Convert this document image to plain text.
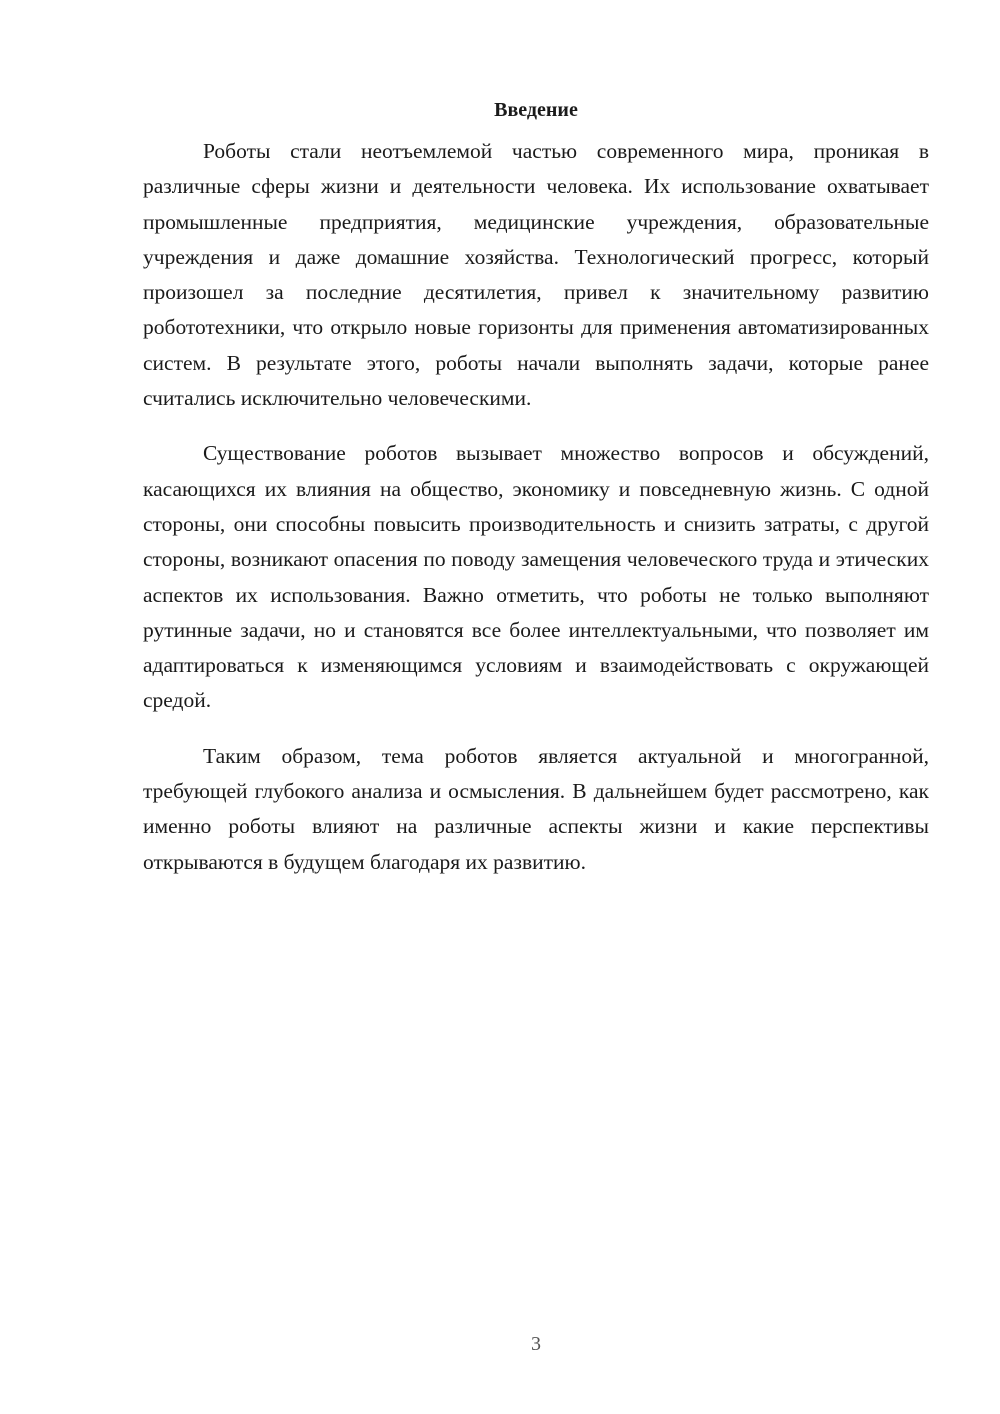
Введение

Роботы стали неотъемлемой частью современного мира, проникая в различные сферы жизни и деятельности человека. Их использование охватывает промышленные предприятия, медицинские учреждения, образовательные учреждения и даже домашние хозяйства. Технологический прогресс, который произошел за последние десятилетия, привел к значительному развитию робототехники, что открыло новые горизонты для применения автоматизированных систем. В результате этого, роботы начали выполнять задачи, которые ранее считались исключительно человеческими.

Существование роботов вызывает множество вопросов и обсуждений, касающихся их влияния на общество, экономику и повседневную жизнь. С одной стороны, они способны повысить производительность и снизить затраты, с другой стороны, возникают опасения по поводу замещения человеческого труда и этических аспектов их использования. Важно отметить, что роботы не только выполняют рутинные задачи, но и становятся все более интеллектуальными, что позволяет им адаптироваться к изменяющимся условиям и взаимодействовать с окружающей средой.

Таким образом, тема роботов является актуальной и многогранной, требующей глубокого анализа и осмысления. В дальнейшем будет рассмотрено, как именно роботы влияют на различные аспекты жизни и какие перспективы открываются в будущем благодаря их развитию.

3
